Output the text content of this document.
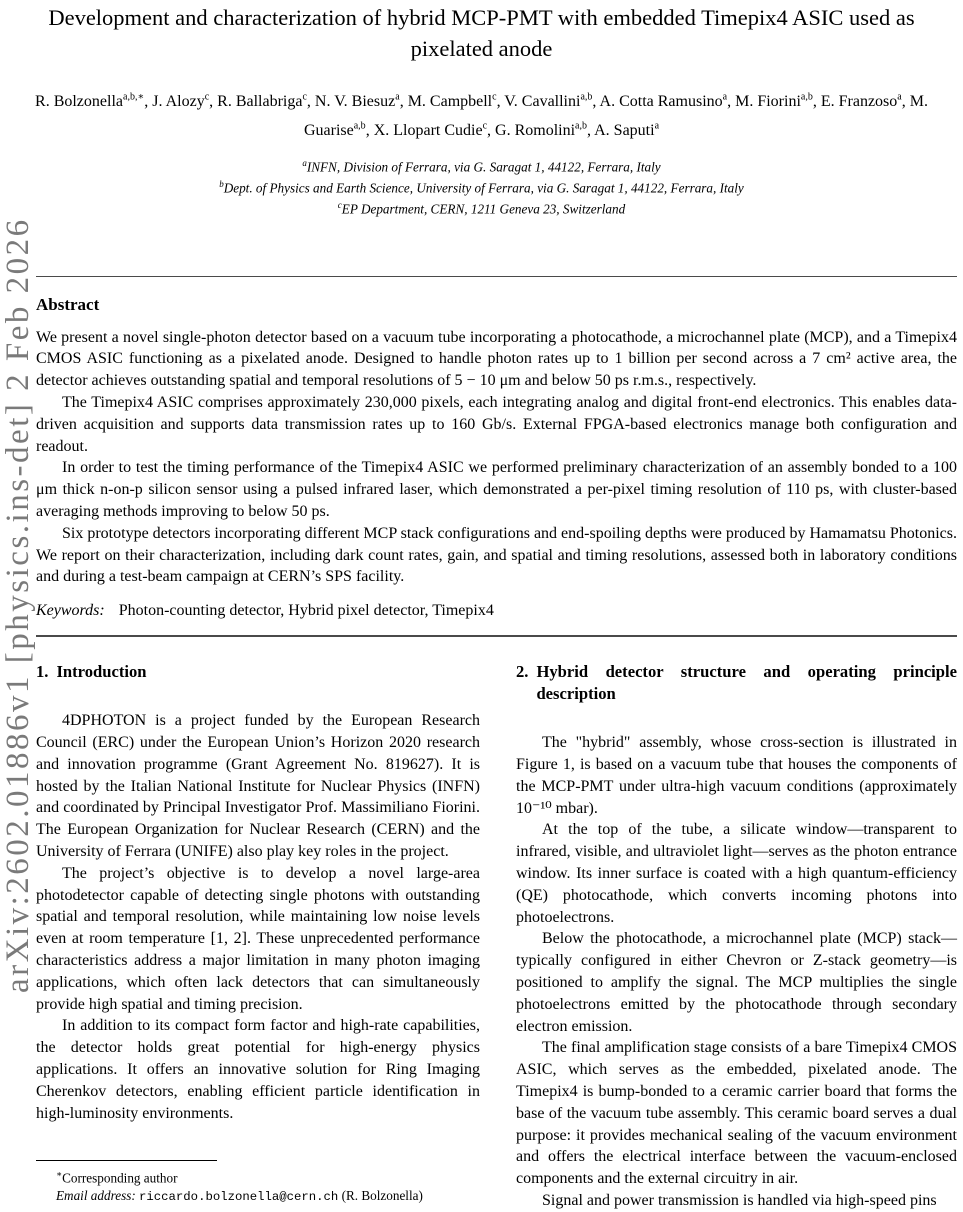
arXiv:2602.01886v1 [physics.ins-det] 2 Feb 2026
Development and characterization of hybrid MCP-PMT with embedded Timepix4 ASIC used as pixelated anode
R. Bolzonella$^{a,b,∗}$, J. Alozy$^c$, R. Ballabriga$^c$, N. V. Biesuz$^a$, M. Campbell$^c$, V. Cavallini$^{a,b}$, A. Cotta Ramusino$^a$, M. Fiorini$^{a,b}$, E. Franzoso$^a$, M. Guarise$^{a,b}$, X. Llopart Cudie$^c$, G. Romolini$^{a,b}$, A. Saputi$^a$
$^a$INFN, Division of Ferrara, via G. Saragat 1, 44122, Ferrara, Italy
$^b$Dept. of Physics and Earth Science, University of Ferrara, via G. Saragat 1, 44122, Ferrara, Italy
$^c$EP Department, CERN, 1211 Geneva 23, Switzerland
Abstract

We present a novel single-photon detector based on a vacuum tube incorporating a photocathode, a microchannel plate (MCP), and a Timepix4 CMOS ASIC functioning as a pixelated anode. Designed to handle photon rates up to 1 billion per second across a 7 cm² active area, the detector achieves outstanding spatial and temporal resolutions of 5 − 10 μm and below 50 ps r.m.s., respectively.

The Timepix4 ASIC comprises approximately 230,000 pixels, each integrating analog and digital front-end electronics. This enables data-driven acquisition and supports data transmission rates up to 160 Gb/s. External FPGA-based electronics manage both configuration and readout.

In order to test the timing performance of the Timepix4 ASIC we performed preliminary characterization of an assembly bonded to a 100 μm thick n-on-p silicon sensor using a pulsed infrared laser, which demonstrated a per-pixel timing resolution of 110 ps, with cluster-based averaging methods improving to below 50 ps.

Six prototype detectors incorporating different MCP stack configurations and end-spoiling depths were produced by Hamamatsu Photonics. We report on their characterization, including dark count rates, gain, and spatial and timing resolutions, assessed both in laboratory conditions and during a test-beam campaign at CERN’s SPS facility.

Keywords: Photon-counting detector, Hybrid pixel detector, Timepix4
1. Introduction

4DPHOTON is a project funded by the European Research Council (ERC) under the European Union’s Horizon 2020 research and innovation programme (Grant Agreement No. 819627). It is hosted by the Italian National Institute for Nuclear Physics (INFN) and coordinated by Principal Investigator Prof. Massimiliano Fiorini. The European Organization for Nuclear Research (CERN) and the University of Ferrara (UNIFE) also play key roles in the project.

The project’s objective is to develop a novel large-area photodetector capable of detecting single photons with outstanding spatial and temporal resolution, while maintaining low noise levels even at room temperature [1, 2]. These unprecedented performance characteristics address a major limitation in many photon imaging applications, which often lack detectors that can simultaneously provide high spatial and timing precision.

In addition to its compact form factor and high-rate capabilities, the detector holds great potential for high-energy physics applications. It offers an innovative solution for Ring Imaging Cherenkov detectors, enabling efficient particle identification in high-luminosity environments.

2. Hybrid detector structure and operating principle description

The "hybrid" assembly, whose cross-section is illustrated in Figure 1, is based on a vacuum tube that houses the components of the MCP-PMT under ultra-high vacuum conditions (approximately 10⁻¹⁰ mbar).

At the top of the tube, a silicate window—transparent to infrared, visible, and ultraviolet light—serves as the photon entrance window. Its inner surface is coated with a high quantum-efficiency (QE) photocathode, which converts incoming photons into photoelectrons.

Below the photocathode, a microchannel plate (MCP) stack—typically configured in either Chevron or Z-stack geometry—is positioned to amplify the signal. The MCP multiplies the single photoelectrons emitted by the photocathode through secondary electron emission.

The final amplification stage consists of a bare Timepix4 CMOS ASIC, which serves as the embedded, pixelated anode. The Timepix4 is bump-bonded to a ceramic carrier board that forms the base of the vacuum tube assembly. This ceramic board serves a dual purpose: it provides mechanical sealing of the vacuum environment and offers the electrical interface between the vacuum-enclosed components and the external circuitry in air.

Signal and power transmission is handled via high-speed pins

∗Corresponding author
Email address: riccardo.bolzonella@cern.ch (R. Bolzonella)
